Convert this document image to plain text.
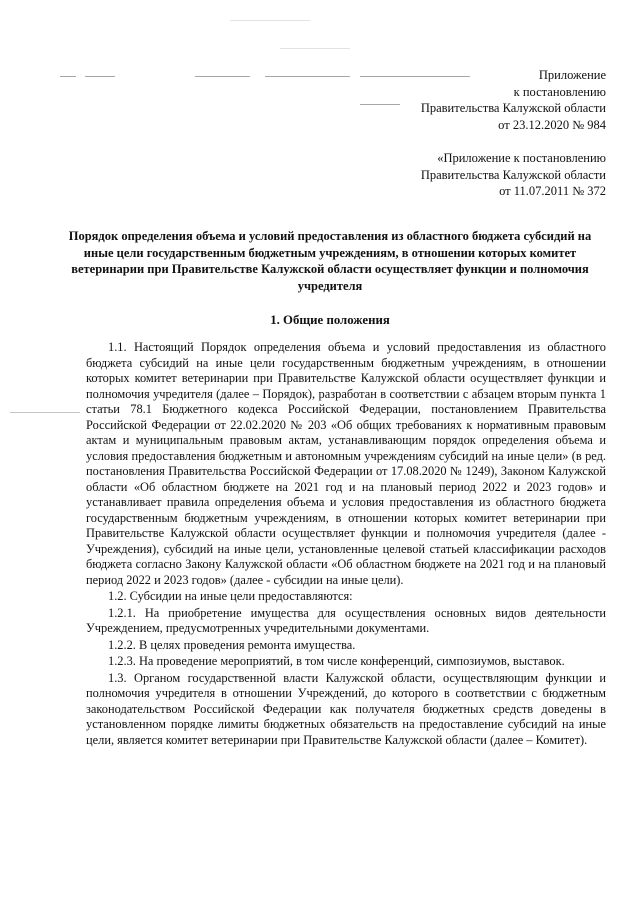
Приложение
к постановлению
Правительства Калужской области
от 23.12.2020 № 984
«Приложение к постановлению
Правительства Калужской области
от 11.07.2011 № 372
Порядок определения объема и условий предоставления из областного бюджета субсидий на иные цели государственным бюджетным учреждениям, в отношении которых комитет ветеринарии при Правительстве Калужской области осуществляет функции и полномочия учредителя
1. Общие положения

1.1. Настоящий Порядок определения объема и условий предоставления из областного бюджета субсидий на иные цели государственным бюджетным учреждениям, в отношении которых комитет ветеринарии при Правительстве Калужской области осуществляет функции и полномочия учредителя (далее – Порядок), разработан в соответствии с абзацем вторым пункта 1 статьи 78.1 Бюджетного кодекса Российской Федерации, постановлением Правительства Российской Федерации от 22.02.2020 № 203 «Об общих требованиях к нормативным правовым актам и муниципальным правовым актам, устанавливающим порядок определения объема и условия предоставления бюджетным и автономным учреждениям субсидий на иные цели» (в ред. постановления Правительства Российской Федерации от 17.08.2020 № 1249), Законом Калужской области «Об областном бюджете на 2021 год и на плановый период 2022 и 2023 годов» и устанавливает правила определения объема и условия предоставления из областного бюджета государственным бюджетным учреждениям, в отношении которых комитет ветеринарии при Правительстве Калужской области осуществляет функции и полномочия учредителя (далее - Учреждения), субсидий на иные цели, установленные целевой статьей классификации расходов бюджета согласно Закону Калужской области «Об областном бюджете на 2021 год и на плановый период 2022 и 2023 годов» (далее - субсидии на иные цели).

1.2. Субсидии на иные цели предоставляются:

1.2.1. На приобретение имущества для осуществления основных видов деятельности Учреждением, предусмотренных учредительными документами.

1.2.2. В целях проведения ремонта имущества.

1.2.3. На проведение мероприятий, в том числе конференций, симпозиумов, выставок.

1.3. Органом государственной власти Калужской области, осуществляющим функции и полномочия учредителя в отношении Учреждений, до которого в соответствии с бюджетным законодательством Российской Федерации как получателя бюджетных средств доведены в установленном порядке лимиты бюджетных обязательств на предоставление субсидий на иные цели, является комитет ветеринарии при Правительстве Калужской области (далее – Комитет).
